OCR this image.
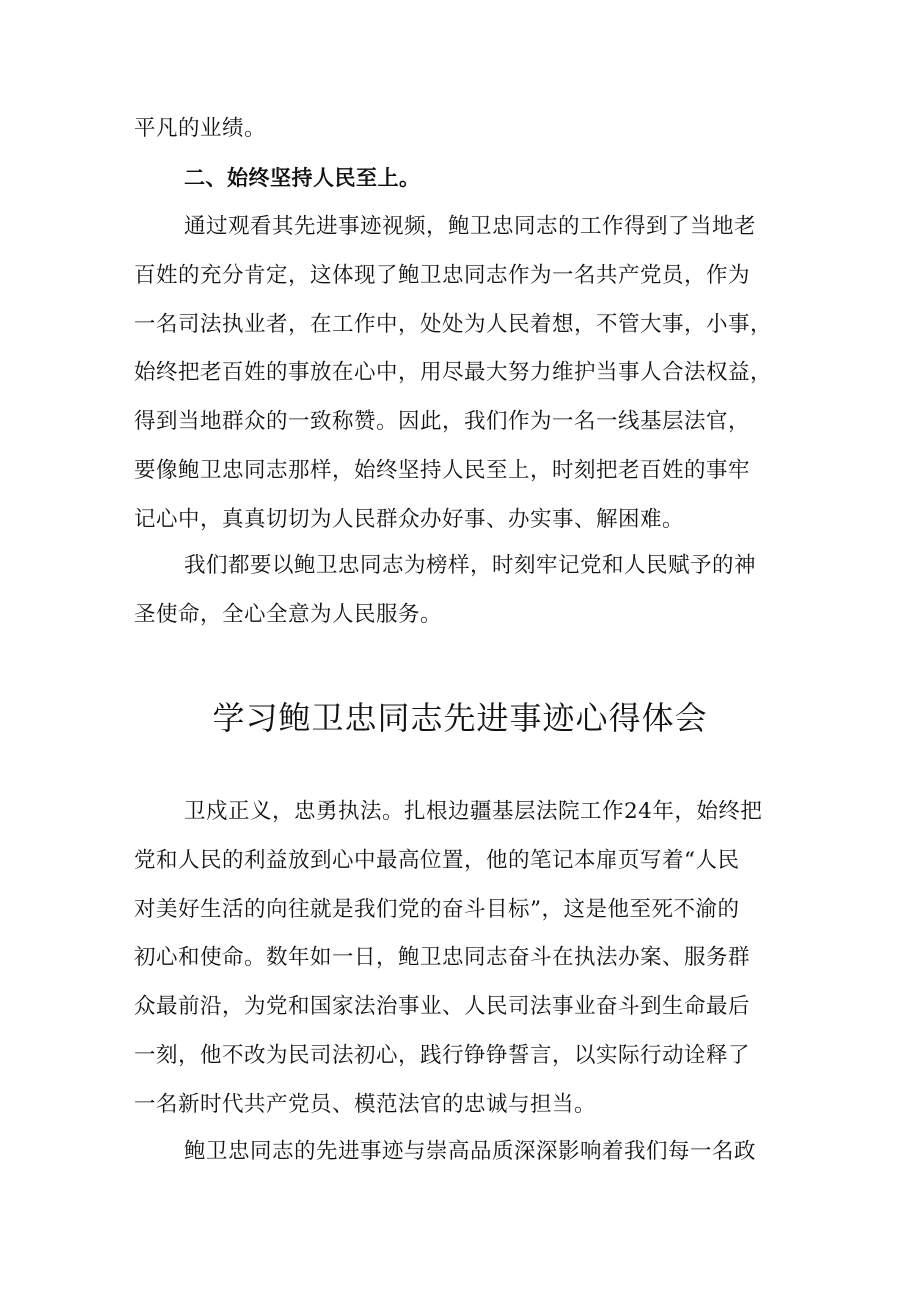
平凡的业绩。
二、始终坚持人民至上。
通过观看其先进事迹视频，鲍卫忠同志的工作得到了当地老
百姓的充分肯定，这体现了鲍卫忠同志作为一名共产党员，作为
一名司法执业者，在工作中，处处为人民着想，不管大事，小事，
始终把老百姓的事放在心中，用尽最大努力维护当事人合法权益，
得到当地群众的一致称赞。因此，我们作为一名一线基层法官，
要像鲍卫忠同志那样，始终坚持人民至上，时刻把老百姓的事牢
记心中，真真切切为人民群众办好事、办实事、解困难。
我们都要以鲍卫忠同志为榜样，时刻牢记党和人民赋予的神
圣使命，全心全意为人民服务。
学习鲍卫忠同志先进事迹心得体会
卫戍正义，忠勇执法。扎根边疆基层法院工作24年，始终把
党和人民的利益放到心中最高位置，他的笔记本扉页写着“人民
对美好生活的向往就是我们党的奋斗目标”，这是他至死不渝的
初心和使命。数年如一日，鲍卫忠同志奋斗在执法办案、服务群
众最前沿，为党和国家法治事业、人民司法事业奋斗到生命最后
一刻，他不改为民司法初心，践行铮铮誓言，以实际行动诠释了
一名新时代共产党员、模范法官的忠诚与担当。
鲍卫忠同志的先进事迹与崇高品质深深影响着我们每一名政
